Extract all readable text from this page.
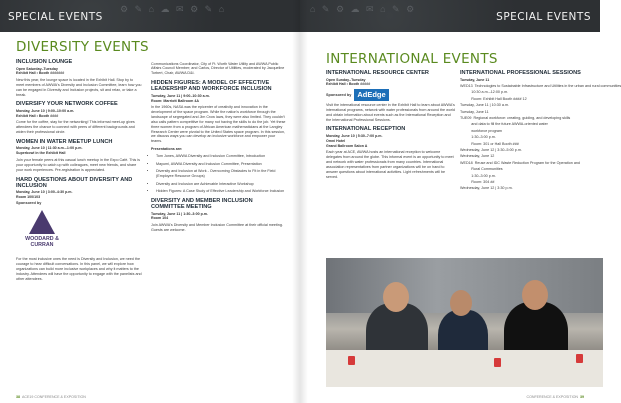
⚙ ✎ ⌂ ☁ ✉ ⚙ ✎ ⌂
SPECIAL EVENTS
DIVERSITY EVENTS
INCLUSION LOUNGE

Open Saturday–Tuesday
Exhibit Hall • Booth #######

New this year, the lounge space is located in the Exhibit Hall. Stop by to meet members of AWWA's Diversity and Inclusion Committee, learn how you can be engaged in Diversity and Inclusion projects, sit and relax, or take a break.

DIVERSIFY YOUR NETWORK COFFEE

Monday, June 10 | 9:00–10:00 a.m.
Exhibit Hall • Booth ####

Come for the coffee, stay for the networking! This informal meet-up gives attendees the chance to connect with peers of different backgrounds and widen their professional circle.

WOMEN IN WATER MEETUP LUNCH

Monday, June 10 | 11:30 a.m.–1:00 p.m.
Superbowl in the Exhibit Hall

Join your female peers at this casual lunch meetup in the Expo Café. This is your opportunity to catch up with colleagues, meet new friends, and share your work experiences. Pre-registration is appreciated.

HARD QUESTIONS ABOUT DIVERSITY AND INCLUSION

Monday, June 10 | 3:00–4:30 p.m.
Room 100/103

Sponsored by

WOODARD & CURRAN

For the most inclusive ones the need is Diversity and Inclusion, we need the courage to hear difficult conversations. In this panel, we will explore how organizations can build more inclusive workplaces and why it matters to the industry. Attendees will have the opportunity to engage with the panelists and other attendees.

Communications Coordinator, City of Ft. Worth Water Utility and AWWA Public Affairs Council Member; and Carlos, Director of Utilities, moderated by Jacqueline Torbert, Chair, AWWA D&I.

HIDDEN FIGURES: A MODEL OF EFFECTIVE LEADERSHIP AND WORKFORCE INCLUSION

Tuesday, June 11 | 9:00–10:30 a.m.
Room: Marriott Ballroom 4A

In the 1960s, NASA was the epicenter of creativity and innovation in the development of the space program. While the nation's workforce through the landscape of segregated and Jim Crow laws, they were also limited. They couldn't also calls pattern competitive for many not having the skills to do the job. Yet these three women from a program of African American mathematicians at the Langley Research Center were pivotal to the United States space program. In this session, we discuss ways you can develop an inclusive workforce and empower your teams.

Presentations are:

• Tom Jones, AWWA Diversity and Inclusion Committee, Introduction
• Mayumi, AWWA Diversity and Inclusion Committee, Presentation
• Diversity and Inclusion at Work - Overcoming Obstacles to Fit in the Field (Employee Resource Groups)
• Diversity and Inclusion are Achievable Interactive Workshop
• Hidden Figures: A Case Study of Effective Leadership and Workforce Inclusion
DIVERSITY AND MEMBER INCLUSION COMMITTEE MEETING

Tuesday, June 11 | 1:30–3:00 p.m.
Room 104

Join AWWA's Diversity and Member Inclusion Committee at their official meeting. Guests are welcome.

38 ACE19 CONFERENCE & EXPOSITION
⌂ ✎ ⚙ ☁ ✉ ⌂ ✎ ⚙
SPECIAL EVENTS
INTERNATIONAL EVENTS
INTERNATIONAL RESOURCE CENTER

Open Sunday–Tuesday
Exhibit Hall • Booth #####

Sponsored by AdEdge

Visit the international resource center in the Exhibit Hall to learn about AWWA's international programs, network with water professionals from around the world and obtain information about events such as the International Reception and the International Professional Sessions.

INTERNATIONAL RECEPTION

Monday, June 10 | 5:30–7:00 p.m.
Omni Hotel
Grand Ballroom Salon A

Each year at ACE, AWWA hosts an international reception to welcome delegates from around the globe. This informal event is an opportunity to meet and network with water professionals from many countries. International association representatives from partner organizations will be on hand to answer questions about international activities. Light refreshments will be served.

INTERNATIONAL PROFESSIONAL SESSIONS

Tuesday, June 11

WED13  Technologies to Sustainable Infrastructure and Utilities in the urban and rural communities

10:30 a.m.–12:00 p.m.

Room: Exhibit Hall Booth #### 12

Tuesday, June 11 | 10:30 a.m.

Tuesday, June 11

TUE09  Regional workforce: creating, guiding, and developing skills

and data to fill the future AWWA-oriented water

workforce program

1:30–3:00 p.m.

Room: 301 or Hall Booth ###

Wednesday, June 12 | 3:30–5:00 p.m.

Wednesday, June 12

WED18  Reuse and IDC Waste Reduction Program for the Operation and

Rural Communities

1:30–3:00 p.m.

Room: 304 ##

Wednesday, June 12 | 3:30 p.m.

CONFERENCE & EXPOSITION 39
